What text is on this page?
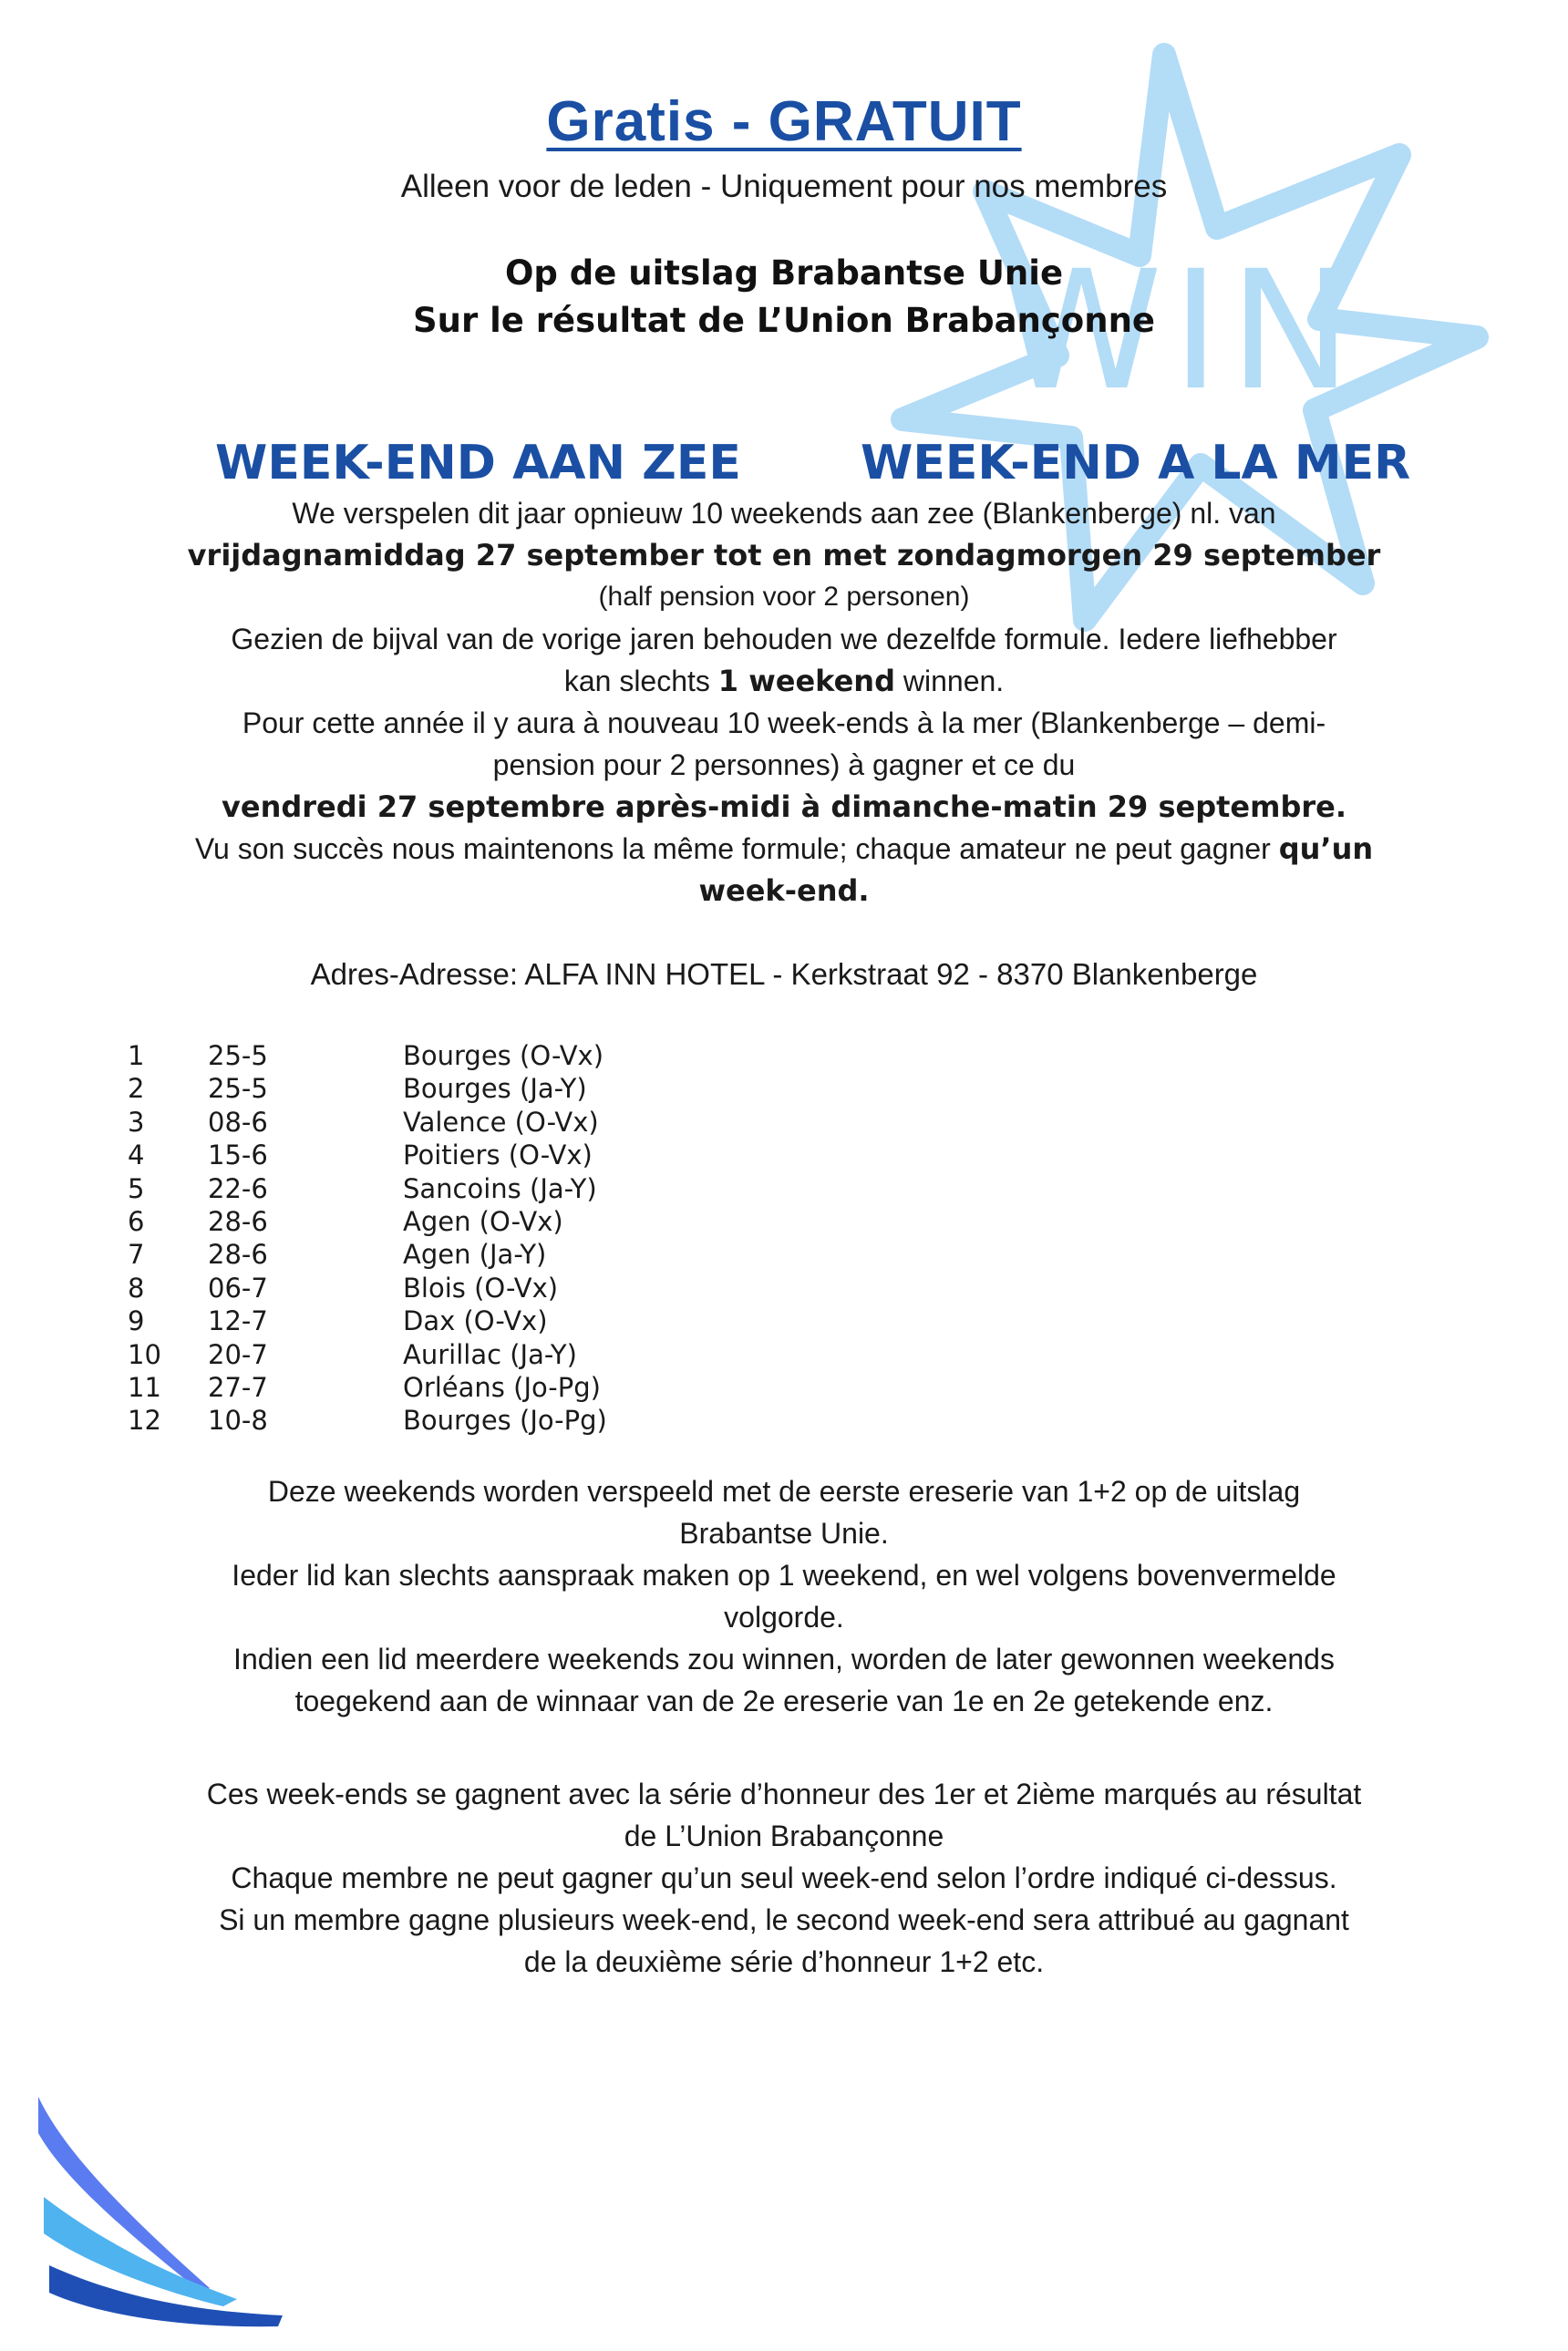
WIN
Gratis - GRATUIT
Alleen voor de leden - Uniquement pour nos membres
Op de uitslag Brabantse Unie
Sur le résultat de L’Union Brabançonne
WEEK-END AAN ZEE	WEEK-END A LA MER
We verspelen dit jaar opnieuw 10 weekends aan zee (Blankenberge) nl. van
vrijdagnamiddag 27 september tot en met zondagmorgen 29 september
(half pension voor 2 personen)
Gezien de bijval van de vorige jaren behouden we dezelfde formule. Iedere liefhebber
kan slechts 1 weekend winnen.
Pour cette année il y aura à nouveau 10 week-ends à la mer (Blankenberge – demi-
pension pour 2 personnes) à gagner et ce du
vendredi 27 septembre après-midi à dimanche-matin 29 septembre.
Vu son succès nous maintenons la même formule; chaque amateur ne peut gagner qu’un
week-end.
Adres-Adresse: ALFA INN HOTEL - Kerkstraat 92 - 8370 Blankenberge
1 25-5	Bourges (O-Vx)
2 25-5	Bourges (Ja-Y)
3 08-6	Valence (O-Vx)
4 15-6	Poitiers (O-Vx)
5 22-6	Sancoins (Ja-Y)
6 28-6	Agen (O-Vx)
7 28-6	Agen (Ja-Y)
8 06-7	Blois (O-Vx)
9 12-7	Dax (O-Vx)
10 20-7	Aurillac (Ja-Y)
11 27-7	Orléans (Jo-Pg)
12 10-8	Bourges (Jo-Pg)
Deze weekends worden verspeeld met de eerste ereserie van 1+2 op de uitslag
Brabantse Unie.
Ieder lid kan slechts aanspraak maken op 1 weekend, en wel volgens bovenvermelde
volgorde.
Indien een lid meerdere weekends zou winnen, worden de later gewonnen weekends
toegekend aan de winnaar van de 2e ereserie van 1e en 2e getekende enz.
Ces week-ends se gagnent avec la série d’honneur des 1er et 2ième marqués au résultat
de L’Union Brabançonne
Chaque membre ne peut gagner qu’un seul week-end selon l’ordre indiqué ci-dessus.
Si un membre gagne plusieurs week-end, le second week-end sera attribué au gagnant
de la deuxième série d’honneur 1+2 etc.
